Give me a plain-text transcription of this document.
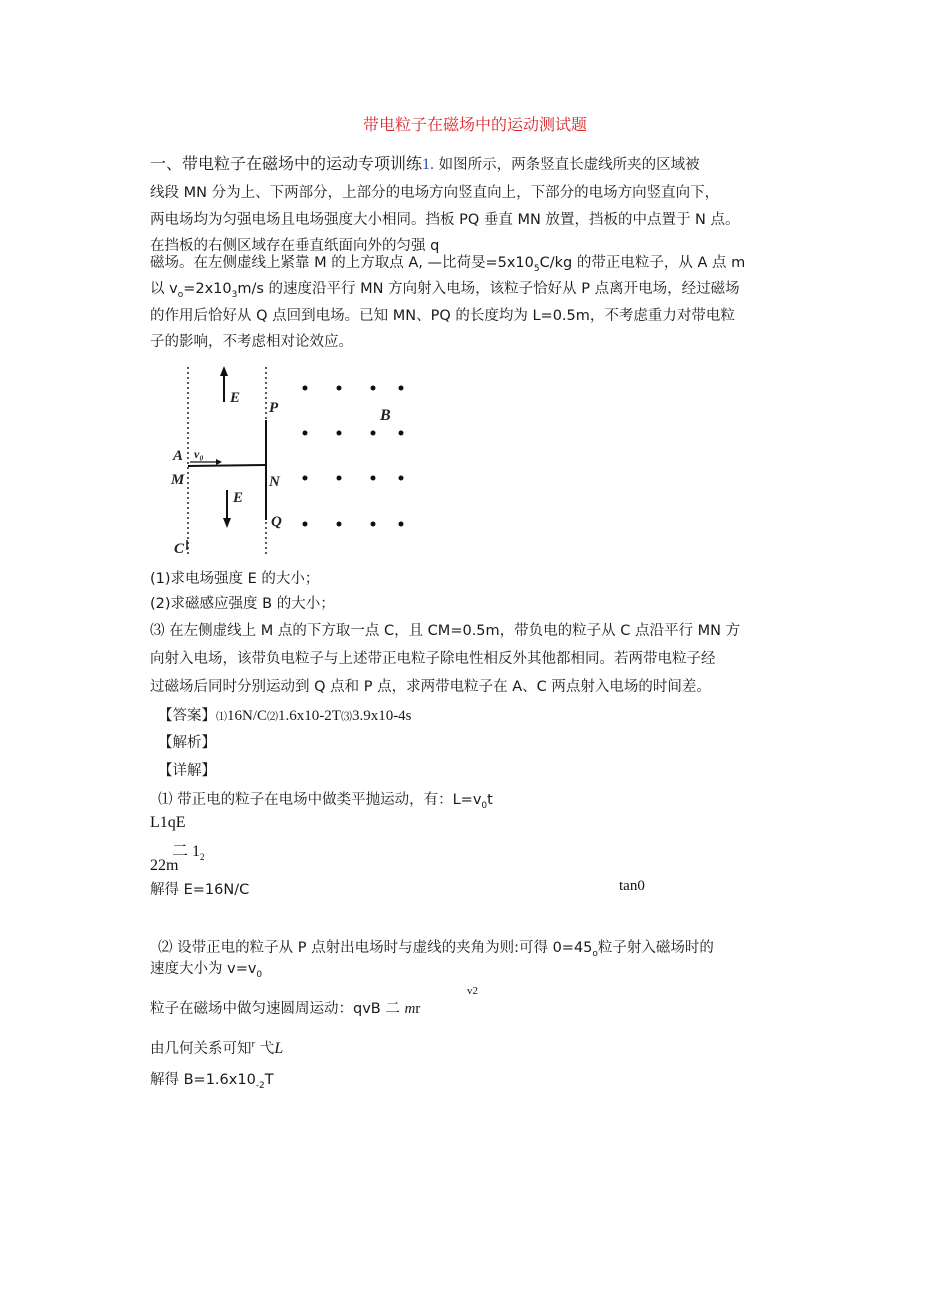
带电粒子在磁场中的运动测试题
一、带电粒子在磁场中的运动专项训练1. 如图所示，两条竖直长虚线所夹的区域被
线段 MN 分为上、下两部分，上部分的电场方向竖直向上，下部分的电场方向竖直向下，
两电场均为匀强电场且电场强度大小相同。挡板 PQ 垂直 MN 放置，挡板的中点置于 N 点。
在挡板的右侧区域存在垂直纸面向外的匀强 q
磁场。在左侧虚线上紧靠 M 的上方取点 A, —比荷旻$=5x10_5C/kg$ 的带正电粒子，从 A 点 m
以 $v_o=2x10_3m/s$ 的速度沿平行 MN 方向射入电场，该粒子恰好从 P 点离开电场，经过磁场
的作用后恰好从 Q 点回到电场。已知 MN、PQ 的长度均为 L=0.5m，不考虑重力对带电粒
子的影响，不考虑相对论效应。
E
E
P	B
A v₀
M	N
Q
C
(1)求电场强度 E 的大小；
(2)求磁感应强度 B 的大小；
⑶ 在左侧虚线上 M 点的下方取一点 C，且 CM=0.5m，带负电的粒子从 C 点沿平行 MN 方
向射入电场，该带负电粒子与上述带正电粒子除电性相反外其他都相同。若两带电粒子经
过磁场后同时分别运动到 Q 点和 P 点，求两带电粒子在 A、C 两点射入电场的时间差。
【答案】⑴16N/C⑵1.6x10-2T⑶3.9x10-4s
【解析】
【详解】
⑴ 带正电的粒子在电场中做类平抛运动，有：$L=v_0t$
L1qE
二 $1_2$
22m
解得 E=16N/C	tan0
⑵ 设带正电的粒子从 P 点射出电场时与虚线的夹角为则:可得 $0=45_o$粒子射入磁场时的
速度大小为 $v=v_0$
v2
粒子在磁场中做匀速圆周运动：qvB 二 mr
由几何关系可知$^r$ 弋L
解得 $B=1.6x10_{-2}T$
